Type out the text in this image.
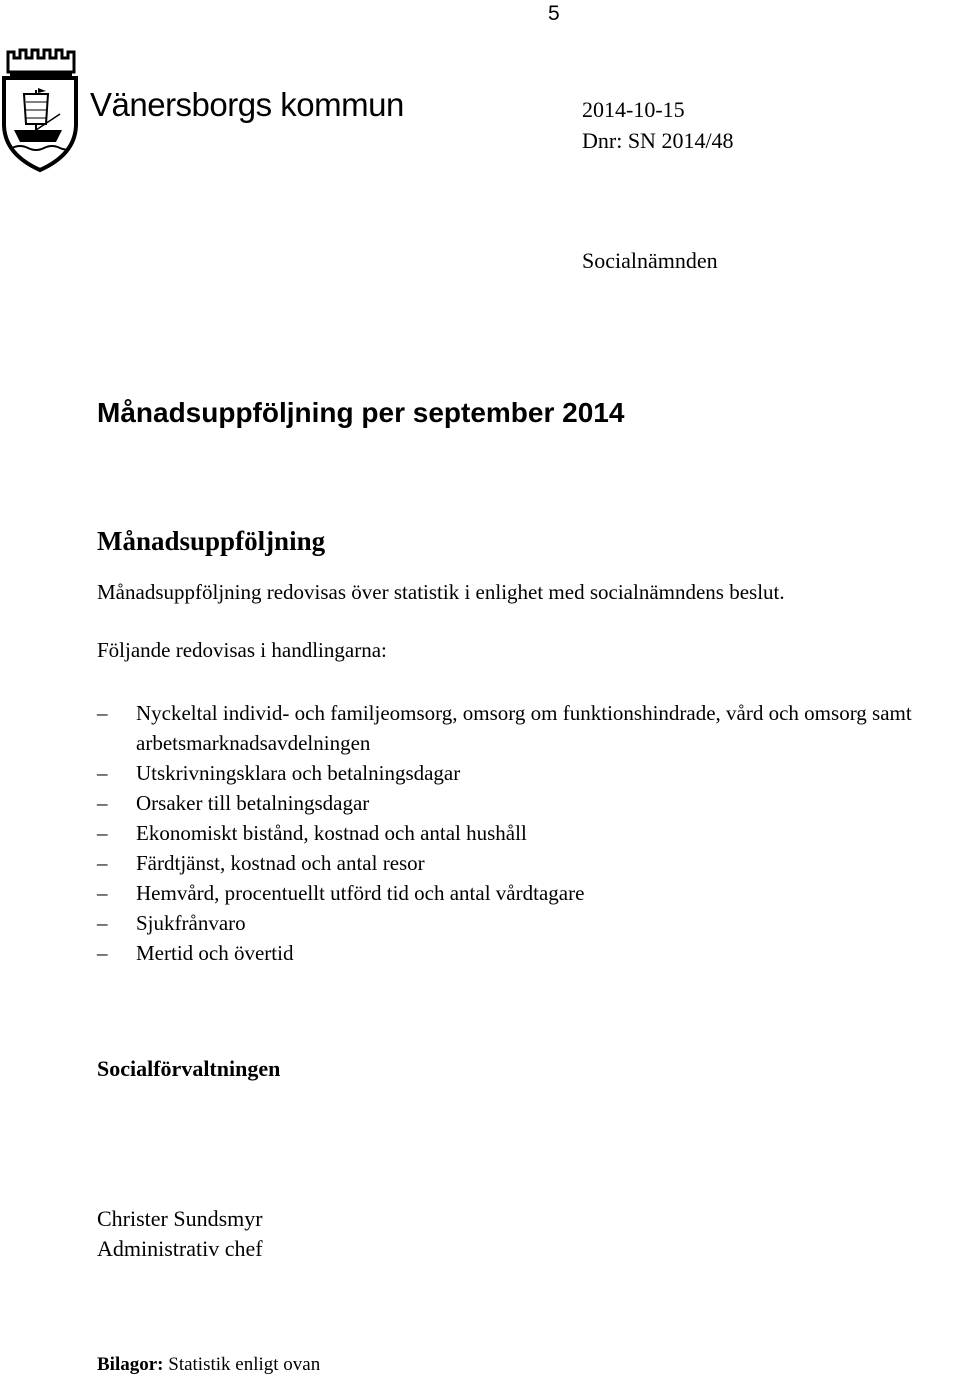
5
Vänersborgs kommun	2014-10-15
Dnr: SN 2014/48
Socialnämnden
Månadsuppföljning per september 2014
Månadsuppföljning
Månadsuppföljning redovisas över statistik i enlighet med socialnämndens beslut.
Följande redovisas i handlingarna:
– Nyckeltal individ- och familjeomsorg, omsorg om funktionshindrade, vård och omsorg samt arbetsmarknadsavdelningen
– Utskrivningsklara och betalningsdagar
– Orsaker till betalningsdagar
– Ekonomiskt bistånd, kostnad och antal hushåll
– Färdtjänst, kostnad och antal resor
– Hemvård, procentuellt utförd tid och antal vårdtagare
– Sjukfrånvaro
– Mertid och övertid
Socialförvaltningen
Christer Sundsmyr
Administrativ chef
Bilagor: Statistik enligt ovan
